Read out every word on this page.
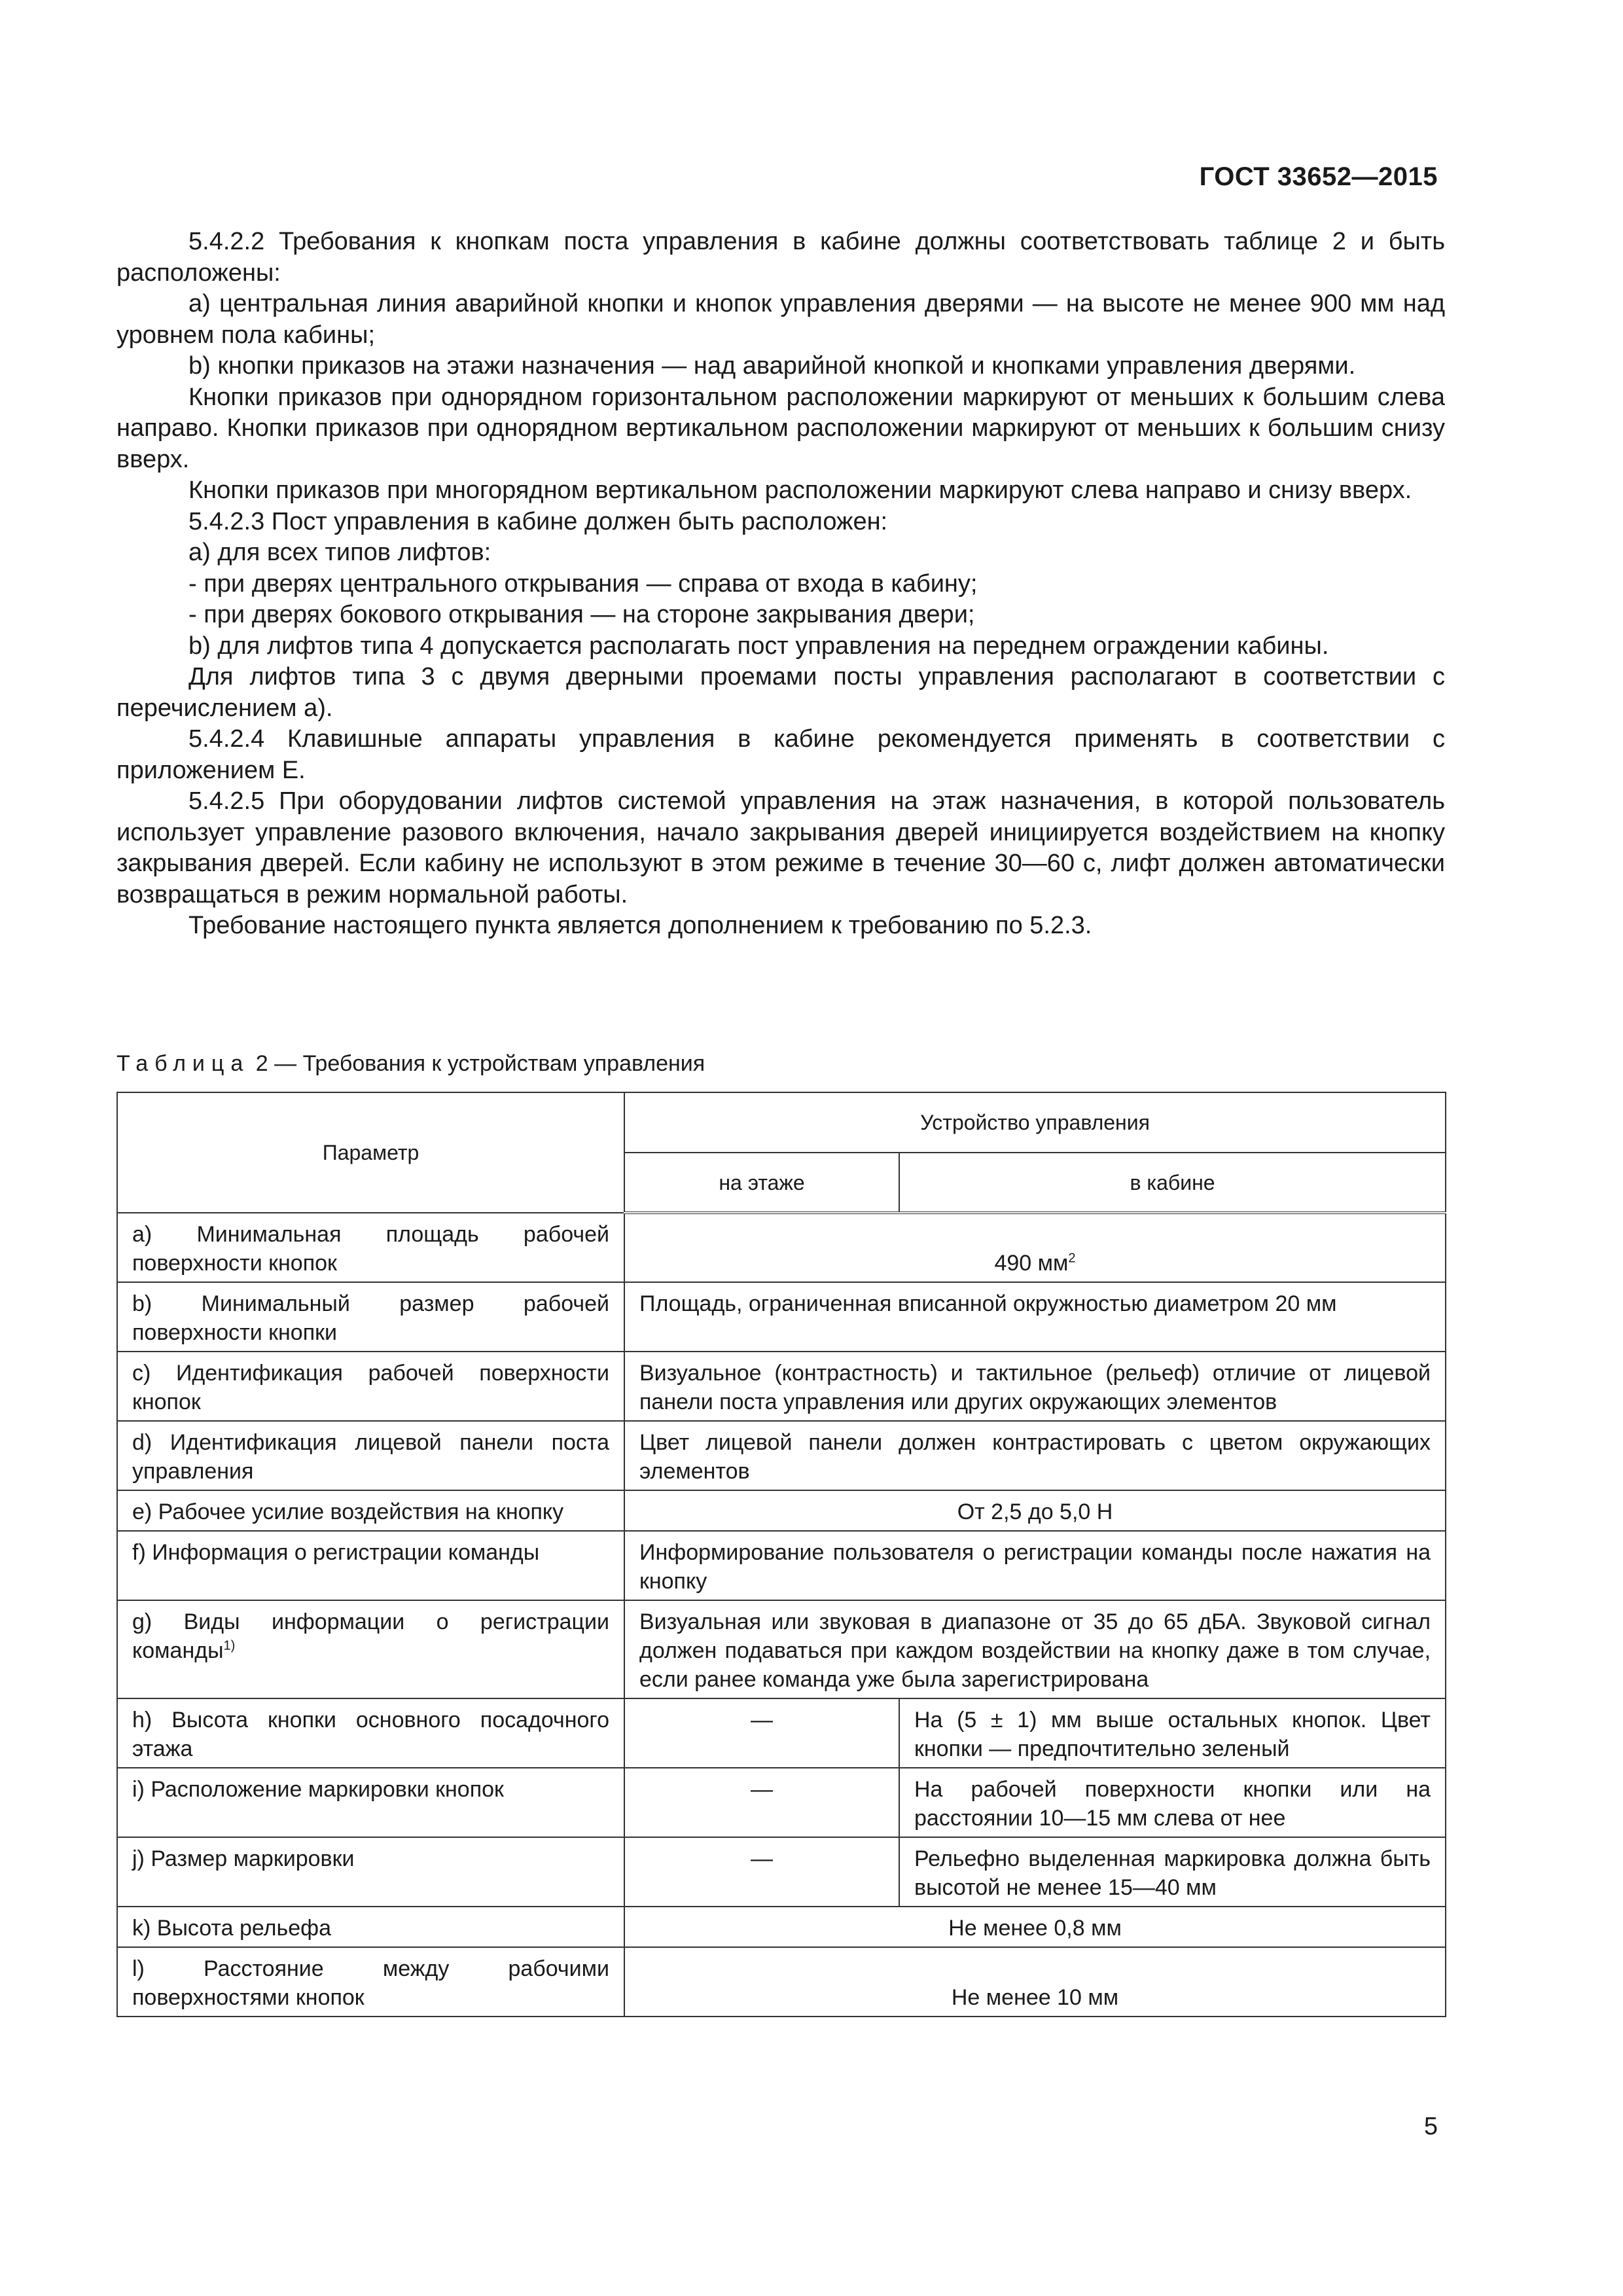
ГОСТ 33652—2015

5.4.2.2 Требования к кнопкам поста управления в кабине должны соответствовать таблице 2 и быть расположены:

a) центральная линия аварийной кнопки и кнопок управления дверями — на высоте не менее 900 мм над уровнем пола кабины;

b) кнопки приказов на этажи назначения — над аварийной кнопкой и кнопками управления дверями.

Кнопки приказов при однорядном горизонтальном расположении маркируют от меньших к большим слева направо. Кнопки приказов при однорядном вертикальном расположении маркируют от меньших к большим снизу вверх.

Кнопки приказов при многорядном вертикальном расположении маркируют слева направо и снизу вверх.

5.4.2.3 Пост управления в кабине должен быть расположен:

a) для всех типов лифтов:

- при дверях центрального открывания — справа от входа в кабину;

- при дверях бокового открывания — на стороне закрывания двери;

b) для лифтов типа 4 допускается располагать пост управления на переднем ограждении кабины.

Для лифтов типа 3 с двумя дверными проемами посты управления располагают в соответствии с перечислением а).

5.4.2.4 Клавишные аппараты управления в кабине рекомендуется применять в соответствии с приложением Е.

5.4.2.5 При оборудовании лифтов системой управления на этаж назначения, в которой пользователь использует управление разового включения, начало закрывания дверей инициируется воздействием на кнопку закрывания дверей. Если кабину не используют в этом режиме в течение 30—60 с, лифт должен автоматически возвращаться в режим нормальной работы.

Требование настоящего пункта является дополнением к требованию по 5.2.3.

Таблица 2 — Требования к устройствам управления
Параметр	Устройство управления	
	на этаже	в кабине
a) Минимальная площадь рабочей поверхности кнопок	490 $мм^2$
b) Минимальный размер рабочей поверхности кнопки	Площадь, ограниченная вписанной окружностью диаметром 20 мм	
c) Идентификация рабочей поверхности кнопок	Визуальное (контрастность) и тактильное (рельеф) отличие от лицевой панели поста управления или других окружающих элементов	
d) Идентификация лицевой панели поста управления	Цвет лицевой панели должен контрастировать с цветом окружающих элементов	
e) Рабочее усилие воздействия на кнопку	От 2,5 до 5,0 Н	
f) Информация о регистрации команды	Информирование пользователя о регистрации команды после нажатия на кнопку	
g) Виды информации о регистрации команды$^{1)}$	Визуальная или звуковая в диапазоне от 35 до 65 дБА. Звуковой сигнал должен подаваться при каждом воздействии на кнопку даже в том случае, если ранее команда уже была зарегистрирована	
h) Высота кнопки основного посадочного этажа	—	На (5 ± 1) мм выше остальных кнопок. Цвет кнопки — предпочтительно зеленый
i) Расположение маркировки кнопок	—	На рабочей поверхности кнопки или на расстоянии 10—15 мм слева от нее
j) Размер маркировки	—	Рельефно выделенная маркировка должна быть высотой не менее 15—40 мм
k) Высота рельефа	Не менее 0,8 мм	
l) Расстояние между рабочими поверхностями кнопок	Не менее 10 мм	
5
